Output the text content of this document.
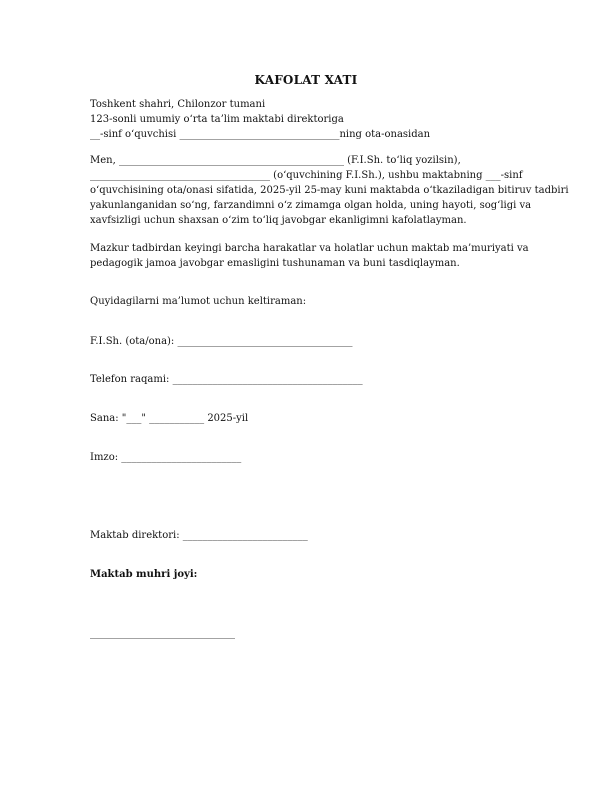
KAFOLAT XATI
Toshkent shahri, Chilonzor tumani
123-sonli umumiy o‘rta ta’lim maktabi direktoriga
__-sinf o‘quvchisi ________________________________ning ota-onasidan
Men, _____________________________________________ (F.I.Sh. to‘liq yozilsin),
____________________________________ (o‘quvchining F.I.Sh.), ushbu maktabning ___-sinf
o‘quvchisining ota/onasi sifatida, 2025-yil 25-may kuni maktabda o‘tkaziladigan bitiruv tadbiri
yakunlanganidan so‘ng, farzandimni o‘z zimamga olgan holda, uning hayoti, sog‘ligi va
xavfsizligi uchun shaxsan o‘zim to‘liq javobgar ekanligimni kafolatlayman.
Mazkur tadbirdan keyingi barcha harakatlar va holatlar uchun maktab ma’muriyati va
pedagogik jamoa javobgar emasligini tushunaman va buni tasdiqlayman.
Quyidagilarni ma’lumot uchun keltiraman:
F.I.Sh. (ota/ona): ___________________________________
Telefon raqami: ______________________________________
Sana: "___" ___________ 2025-yil
Imzo: ________________________
Maktab direktori: _________________________
Maktab muhri joyi:
_____________________________
